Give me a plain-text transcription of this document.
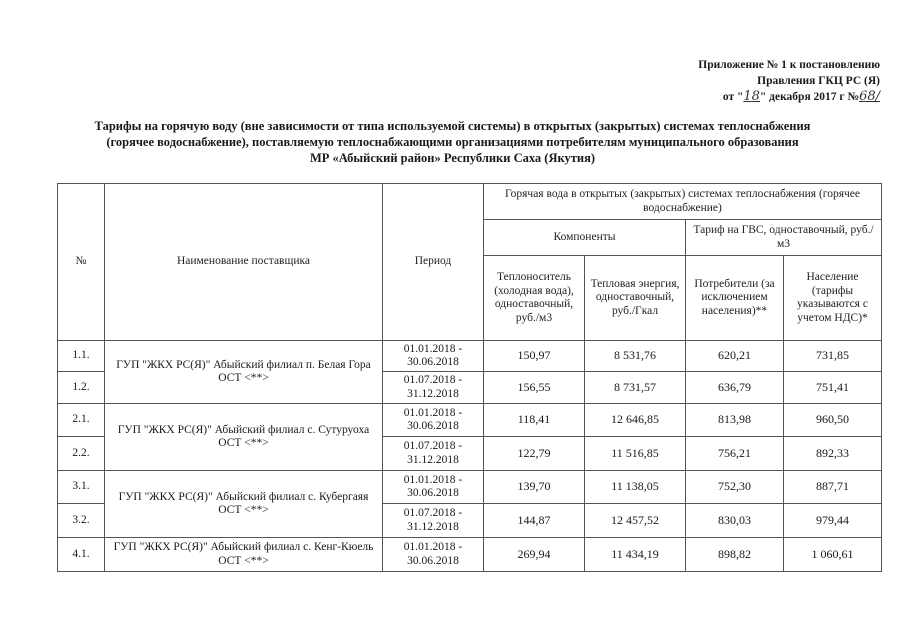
Приложение № 1 к постановлению
Правления ГКЦ РС (Я)
от "18" декабря 2017 г №68/
Тарифы на горячую воду (вне зависимости от типа используемой системы) в открытых (закрытых) системах теплоснабжения
(горячее водоснабжение), поставляемую теплоснабжающими организациями потребителям муниципального образования
МР «Абыйский район» Республики Саха (Якутия)
№	Наименование поставщика	Период	Горячая вода в открытых (закрытых) системах теплоснабжения (горячее водоснабжение)			
			Компоненты		Тариф на ГВС, одноставочный, руб./м3	
			Теплоноситель (холодная вода), одноставочный, руб./м3	Тепловая энергия, одноставочный, руб./Гкал	Потребители (за исключением населения)**	Население (тарифы указываются с учетом НДС)*
1.1.	ГУП "ЖКХ РС(Я)" Абыйский филиал п. Белая Гора ОСТ <**>	01.01.2018 -
30.06.2018	150,97	8 531,76	620,21	731,85
1.2.		01.07.2018 -
31.12.2018	156,55	8 731,57	636,79	751,41
2.1.	ГУП "ЖКХ РС(Я)" Абыйский филиал с. Сутуруоха ОСТ <**>	01.01.2018 -
30.06.2018	118,41	12 646,85	813,98	960,50
2.2.		01.07.2018 -
31.12.2018	122,79	11 516,85	756,21	892,33
3.1.	ГУП "ЖКХ РС(Я)" Абыйский филиал с. Кубергаяя ОСТ <**>	01.01.2018 -
30.06.2018	139,70	11 138,05	752,30	887,71
3.2.		01.07.2018 -
31.12.2018	144,87	12 457,52	830,03	979,44
4.1.	ГУП "ЖКХ РС(Я)" Абыйский филиал с. Кенг-Кюель ОСТ <**>	01.01.2018 -
30.06.2018	269,94	11 434,19	898,82	1 060,61
